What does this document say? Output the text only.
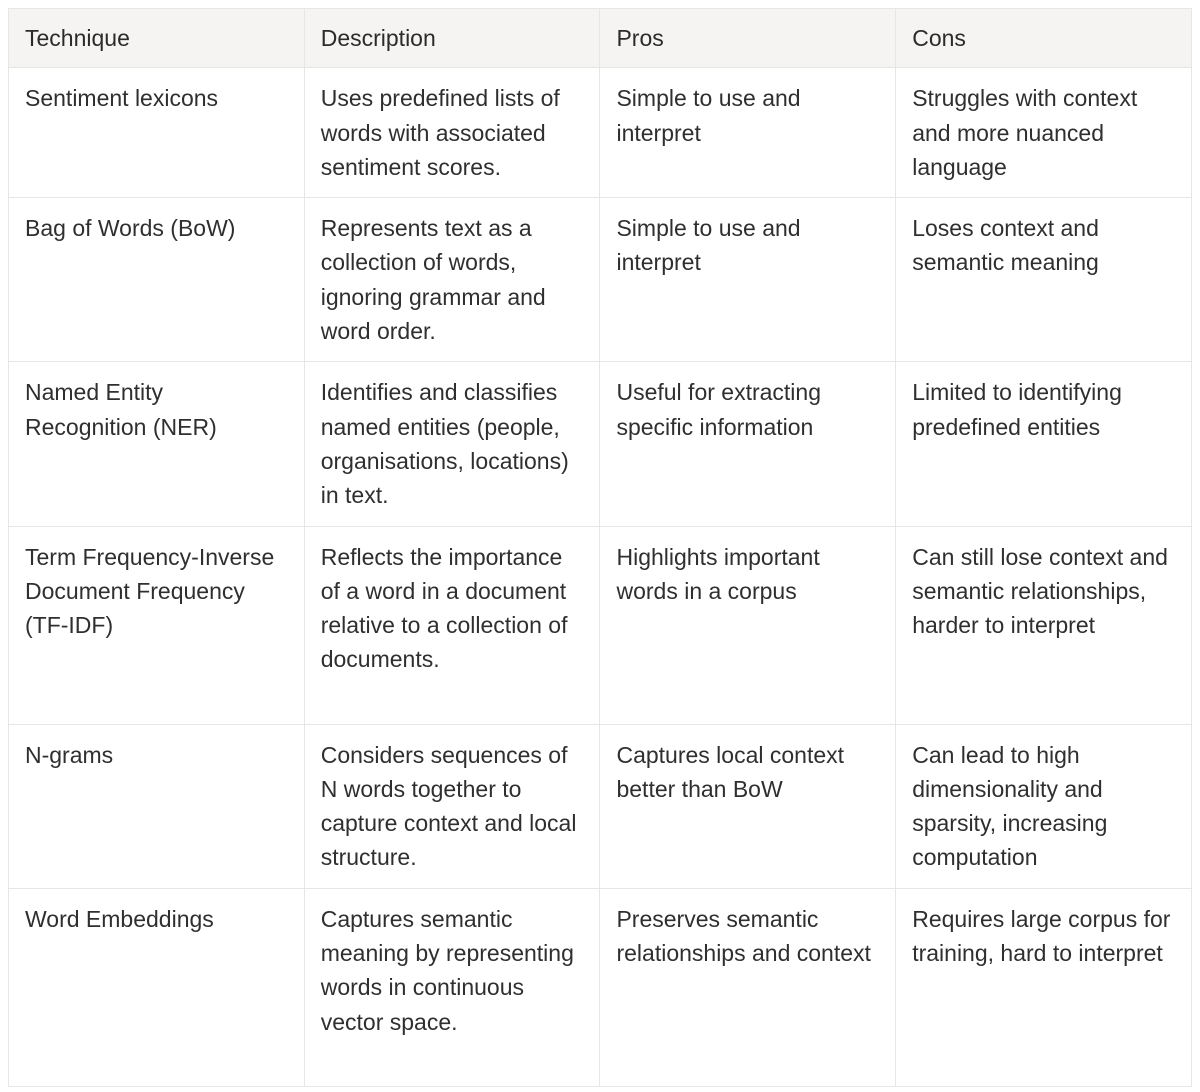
Technique	Description	Pros	Cons
Sentiment lexicons	Uses predefined lists of words with associated sentiment scores.	Simple to use and interpret	Struggles with context and more nuanced language
Bag of Words (BoW)	Represents text as a collection of words, ignoring grammar and word order.	Simple to use and interpret	Loses context and semantic meaning
Named Entity Recognition (NER)	Identifies and classifies named entities (people, organisations, locations) in text.	Useful for extracting specific information	Limited to identifying predefined entities
Term Frequency-Inverse Document Frequency (TF-IDF)	Reflects the importance of a word in a document relative to a collection of documents.	Highlights important words in a corpus	Can still lose context and semantic relationships, harder to interpret
N-grams	Considers sequences of N words together to capture context and local structure.	Captures local context better than BoW	Can lead to high dimensionality and sparsity, increasing computation
Word Embeddings	Captures semantic meaning by representing words in continuous vector space.	Preserves semantic relationships and context	Requires large corpus for training, hard to interpret
